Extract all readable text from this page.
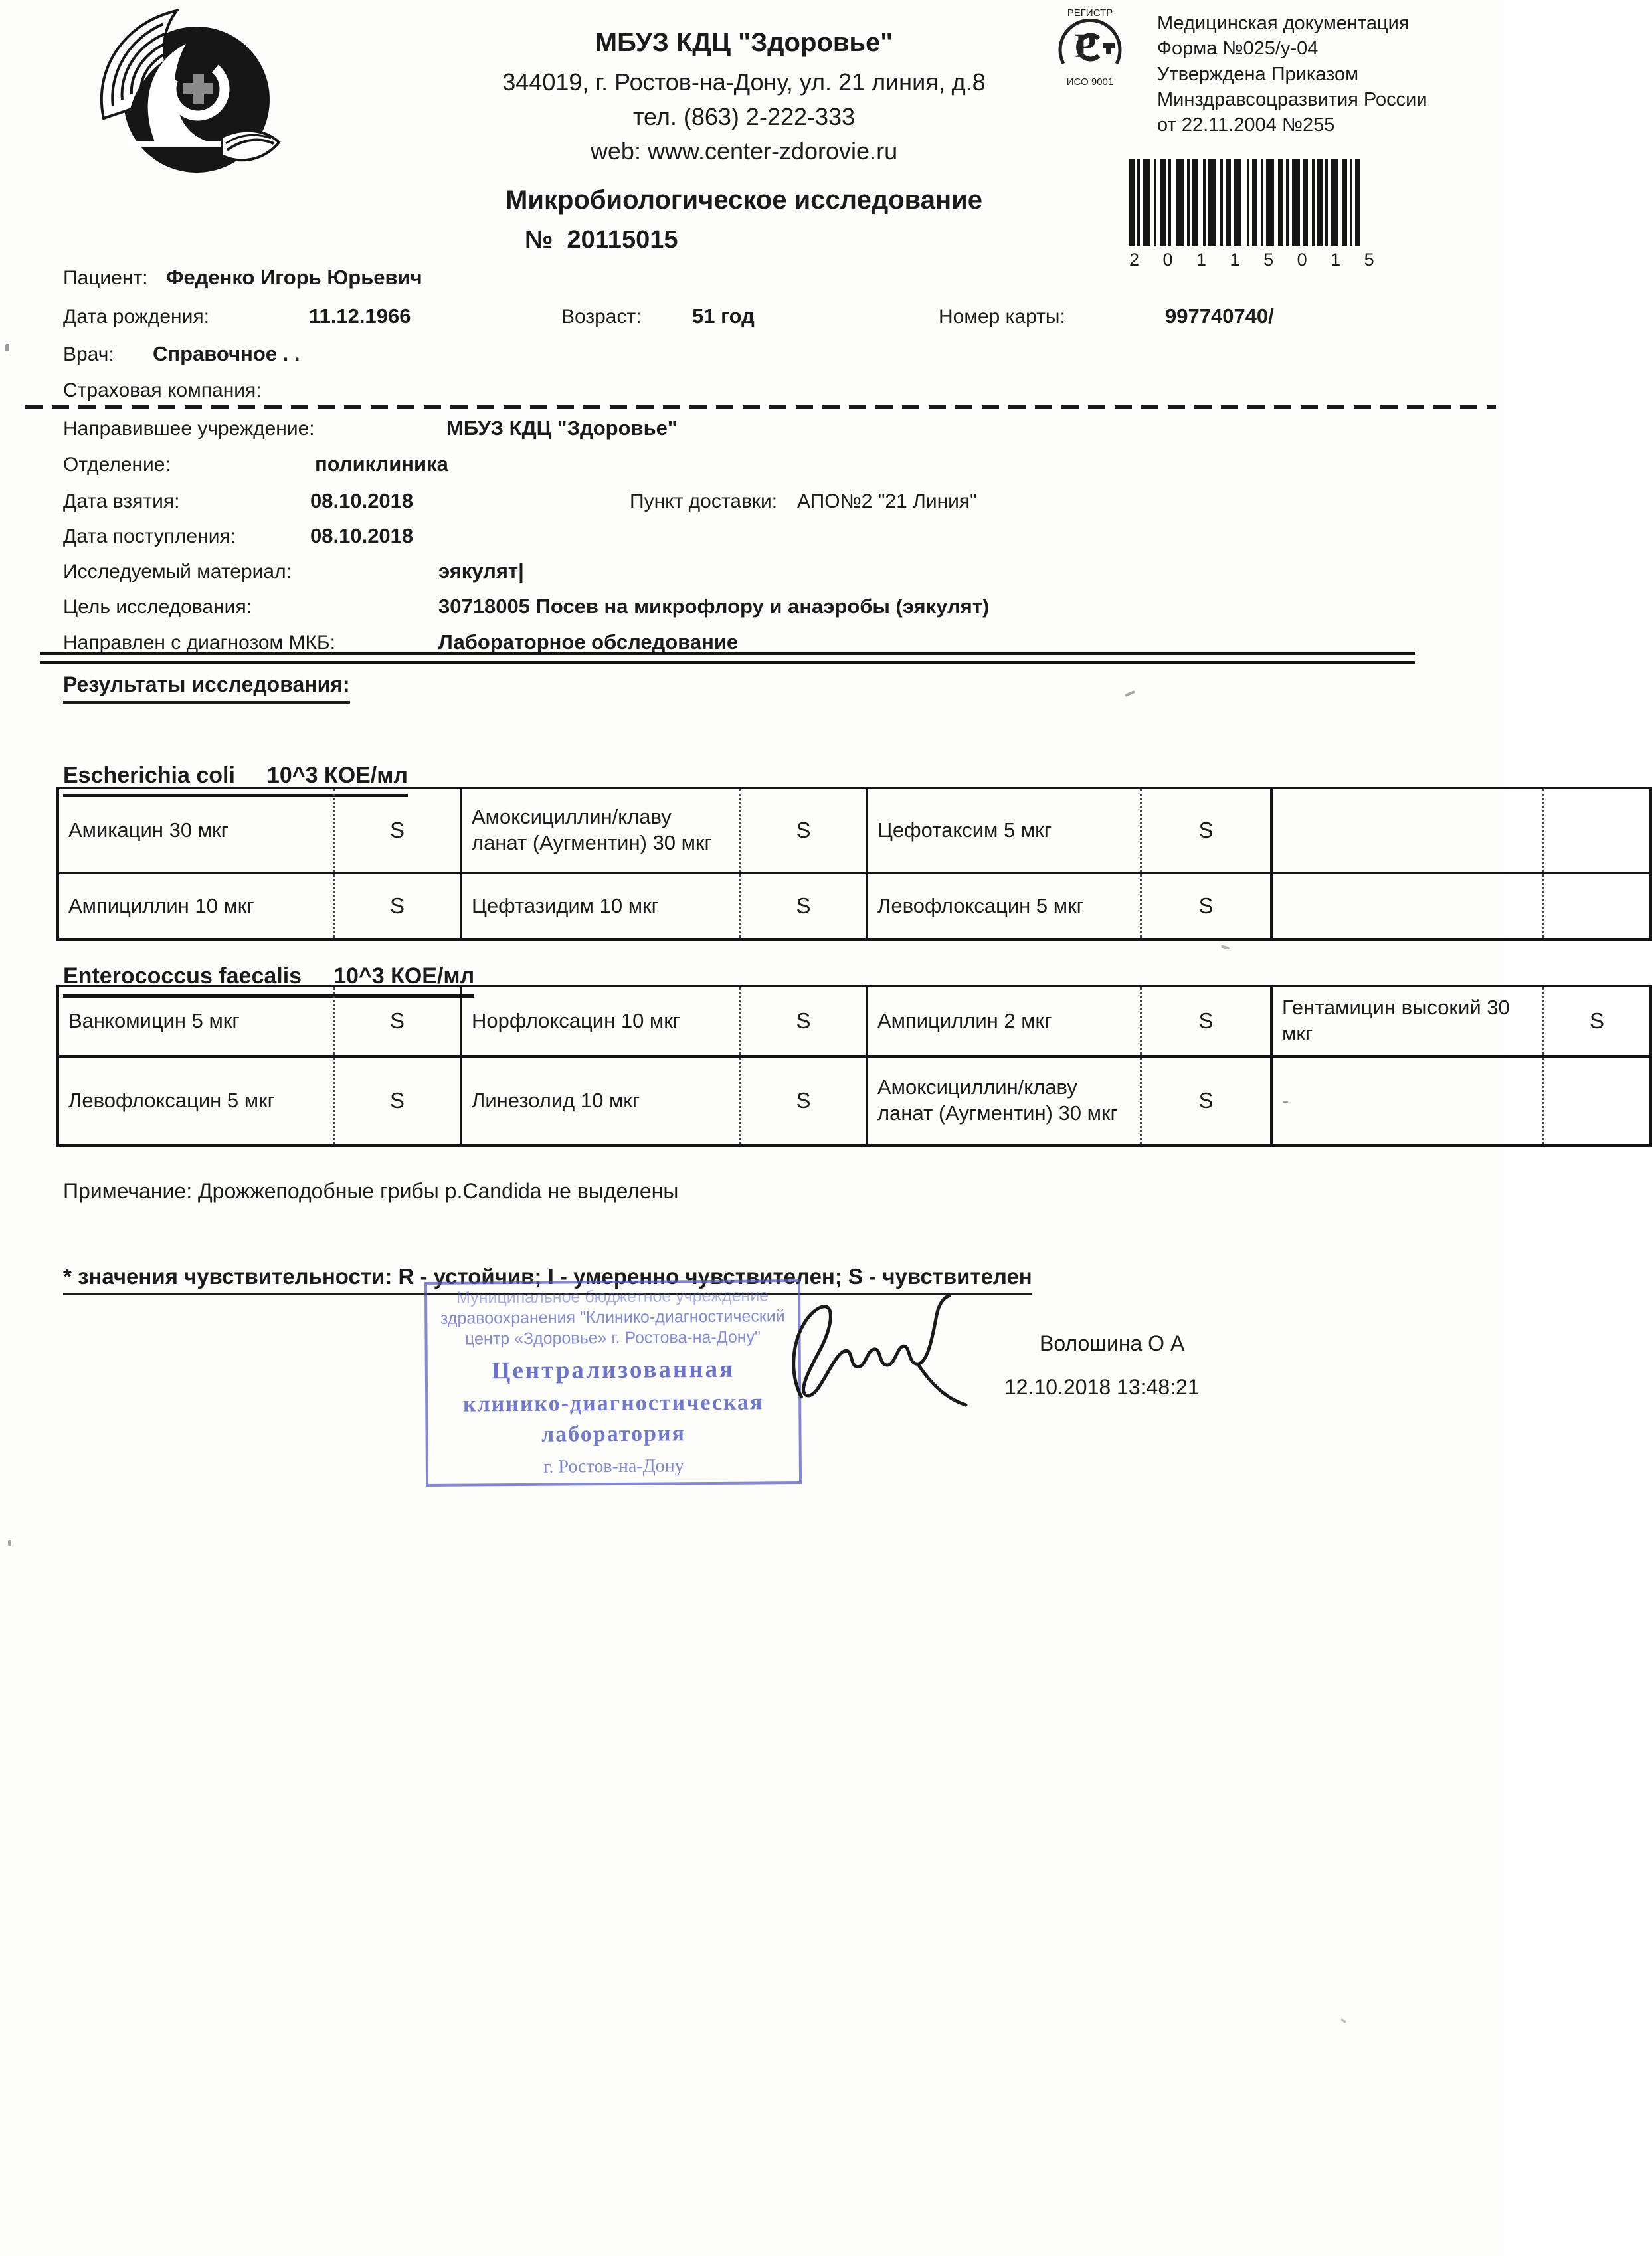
МБУЗ КДЦ "Здоровье"
344019, г. Ростов-на-Дону, ул. 21 линия, д.8
тел. (863) 2-222-333
web: www.center-zdorovie.ru
Микробиологическое исследование
№ 20115015
РЕГИСТР
Р
ИСО 9001
Медицинская документация
Форма №025/у-04
Утверждена Приказом
Минздравсоцразвития России
от 22.11.2004 №255
2 0 1 1 5 0 1 5
Пациент: Феденко Игорь Юрьевич
Дата рождения:	11.12.1966	Возраст: 51 год	Номер карты:	997740740/
Врач: Справочное . .
Страховая компания:
Направившее учреждение:	МБУЗ КДЦ "Здоровье"
Отделение:	поликлиника
Дата взятия:	08.10.2018	Пункт доставки: АПО№2 "21 Линия"
Дата поступления:	08.10.2018
Исследуемый материал:	эякулят|
Цель исследования:	30718005 Посев на микрофлору и анаэробы (эякулят)
Направлен с диагнозом МКБ:	Лабораторное обследование
Результаты исследования:
Escherichia coli 10^3 КОЕ/мл
Амикацин 30 мкг	S	Амоксициллин/клаву ланат (Аугментин) 30 мкг	S	Цефотаксим 5 мкг	S		
Ампициллин 10 мкг	S	Цефтазидим 10 мкг	S	Левофлоксацин 5 мкг	S		
Enterococcus faecalis 10^3 КОЕ/мл
Ванкомицин 5 мкг	S	Норфлоксацин 10 мкг	S	Ампициллин 2 мкг	S	Гентамицин высокий 30 мкг	S
Левофлоксацин 5 мкг	S	Линезолид 10 мкг	S	Амоксициллин/клаву ланат (Аугментин) 30 мкг	S	-	
Примечание: Дрожжеподобные грибы p.Candida не выделены
* значения чувствительности: R - устойчив; I - умеренно чувствителен; S - чувствителен
Муниципальное бюджетное учреждение
здравоохранения "Клинико-диагностический
центр «Здоровье» г. Ростова-на-Дону"
Централизованная
клинико-диагностическая
лаборатория
г. Ростов-на-Дону
Волошина О А
12.10.2018 13:48:21
